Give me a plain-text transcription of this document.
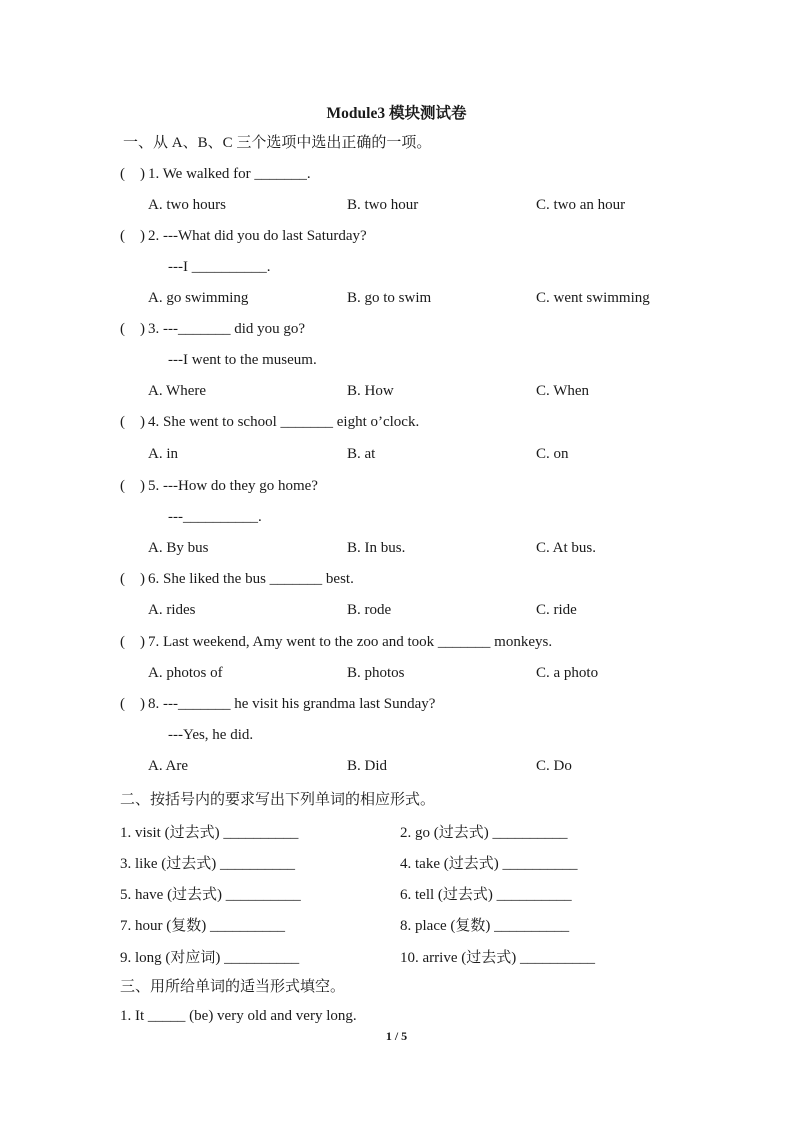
Module3 模块测试卷
一、从 A、B、C 三个选项中选出正确的一项。
(    ) 1. We walked for _______.
A. two hours	B. two hour	C. two an hour
(    ) 2. ---What did you do last Saturday?
---I __________.
A. go swimming	B. go to swim	C. went swimming
(    ) 3. ---_______ did you go?
---I went to the museum.
A. Where	B. How	C. When
(    ) 4. She went to school _______ eight o’clock.
A. in	B. at	C. on
(    ) 5. ---How do they go home?
---__________.
A. By bus	B. In bus.	C. At bus.
(    ) 6. She liked the bus _______ best.
A. rides	B. rode	C. ride
(    ) 7. Last weekend, Amy went to the zoo and took _______ monkeys.
A. photos of	B. photos	C. a photo
(    ) 8. ---_______ he visit his grandma last Sunday?
---Yes, he did.
A. Are	B. Did	C. Do
二、按括号内的要求写出下列单词的相应形式。
1. visit (过去式) __________	2. go (过去式) __________
3. like (过去式) __________	4. take (过去式) __________
5. have (过去式) __________	6. tell (过去式) __________
7. hour (复数) __________	8. place (复数) __________
9. long (对应词) __________	10. arrive (过去式) __________
三、用所给单词的适当形式填空。
1. It _____ (be) very old and very long.
1 / 5
